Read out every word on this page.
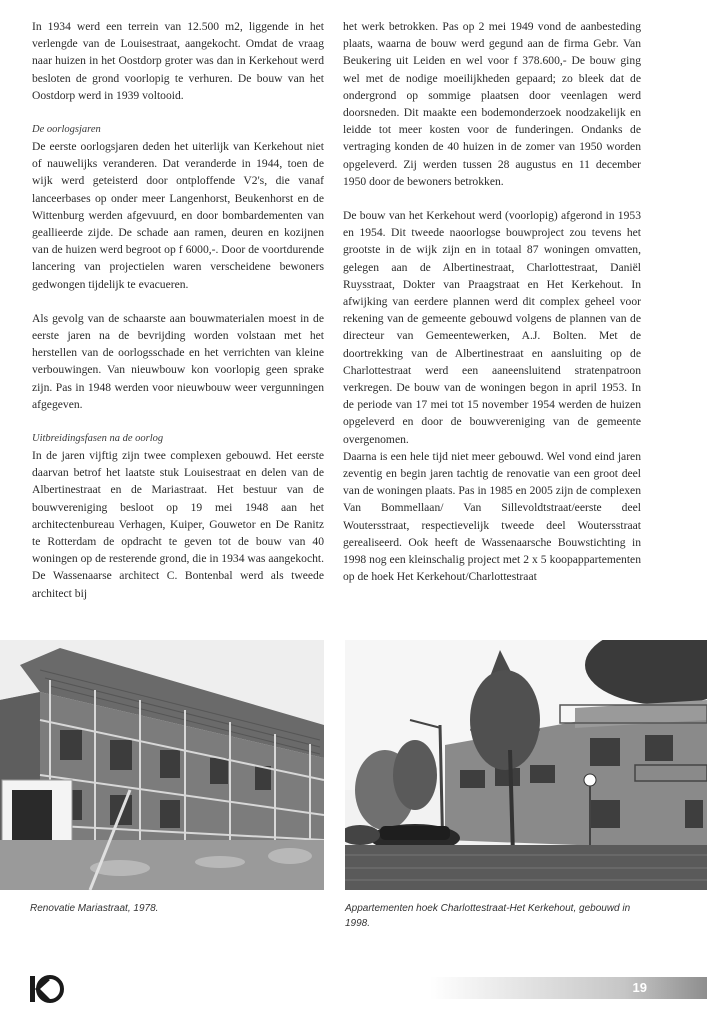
In 1934 werd een terrein van 12.500 m2, liggende in het verlengde van de Louisestraat, aangekocht. Omdat de vraag naar huizen in het Oostdorp groter was dan in Kerkehout werd besloten de grond voorlopig te verhuren. De bouw van het Oostdorp werd in 1939 voltooid.

De oorlogsjaren

De eerste oorlogsjaren deden het uiterlijk van Kerkehout niet of nauwelijks veranderen. Dat veranderde in 1944, toen de wijk werd geteisterd door ontploffende V2's, die vanaf lanceerbases op onder meer Langenhorst, Beukenhorst en de Wittenburg werden afgevuurd, en door bombardementen van geallieerde zijde. De schade aan ramen, deuren en kozijnen van de huizen werd begroot op f 6000,-. Door de voortdurende lancering van projectielen waren verscheidene bewoners gedwongen tijdelijk te evacueren.

Als gevolg van de schaarste aan bouwmaterialen moest in de eerste jaren na de bevrijding worden volstaan met het herstellen van de oorlogsschade en het verrichten van kleine verbouwingen. Van nieuwbouw kon voorlopig geen sprake zijn. Pas in 1948 werden voor nieuwbouw weer vergunningen afgegeven.

Uitbreidingsfasen na de oorlog

In de jaren vijftig zijn twee complexen gebouwd. Het eerste daarvan betrof het laatste stuk Louisestraat en delen van de Albertinestraat en de Mariastraat. Het bestuur van de bouwvereniging besloot op 19 mei 1948 aan het architectenbureau Verhagen, Kuiper, Gouwetor en De Ranitz te Rotterdam de opdracht te geven tot de bouw van 40 woningen op de resterende grond, die in 1934 was aangekocht. De Wassenaarse architect C. Bontenbal werd als tweede architect bij

het werk betrokken. Pas op 2 mei 1949 vond de aanbesteding plaats, waarna de bouw werd gegund aan de firma Gebr. Van Beukering uit Leiden en wel voor f 378.600,- De bouw ging wel met de nodige moeilijkheden gepaard; zo bleek dat de ondergrond op sommige plaatsen door veenlagen werd doorsneden. Dit maakte een bodemonderzoek noodzakelijk en leidde tot meer kosten voor de funderingen. Ondanks de vertraging konden de 40 huizen in de zomer van 1950 worden opgeleverd. Zij werden tussen 28 augustus en 11 december 1950 door de bewoners betrokken.

De bouw van het Kerkehout werd (voorlopig) afgerond in 1953 en 1954. Dit tweede naoorlogse bouwproject zou tevens het grootste in de wijk zijn en in totaal 87 woningen omvatten, gelegen aan de Albertinestraat, Charlottestraat, Daniël Ruysstraat, Dokter van Praagstraat en Het Kerkehout. In afwijking van eerdere plannen werd dit complex geheel voor rekening van de gemeente gebouwd volgens de plannen van de directeur van Gemeentewerken, A.J. Bolten. Met de doortrekking van de Albertinestraat en aansluiting op de Charlottestraat werd een aaneensluitend stratenpatroon verkregen. De bouw van de woningen begon in april 1953. In de periode van 17 mei tot 15 november 1954 werden de huizen opgeleverd en door de bouwvereniging van de gemeente overgenomen.

Daarna is een hele tijd niet meer gebouwd. Wel vond eind jaren zeventig en begin jaren tachtig de renovatie van een groot deel van de woningen plaats. Pas in 1985 en 2005 zijn de complexen Van Bommellaan/ Van Sillevoldtstraat/eerste deel Woutersstraat, respectievelijk tweede deel Woutersstraat gerealiseerd. Ook heeft de Wassenaarsche Bouwstichting in 1998 nog een kleinschalig project met 2 x 5 koopappartementen op de hoek Het Kerkehout/Charlottestraat

Renovatie Mariastraat, 1978.	Appartementen hoek Charlottestraat-Het Kerkehout, gebouwd in 1998.
19
